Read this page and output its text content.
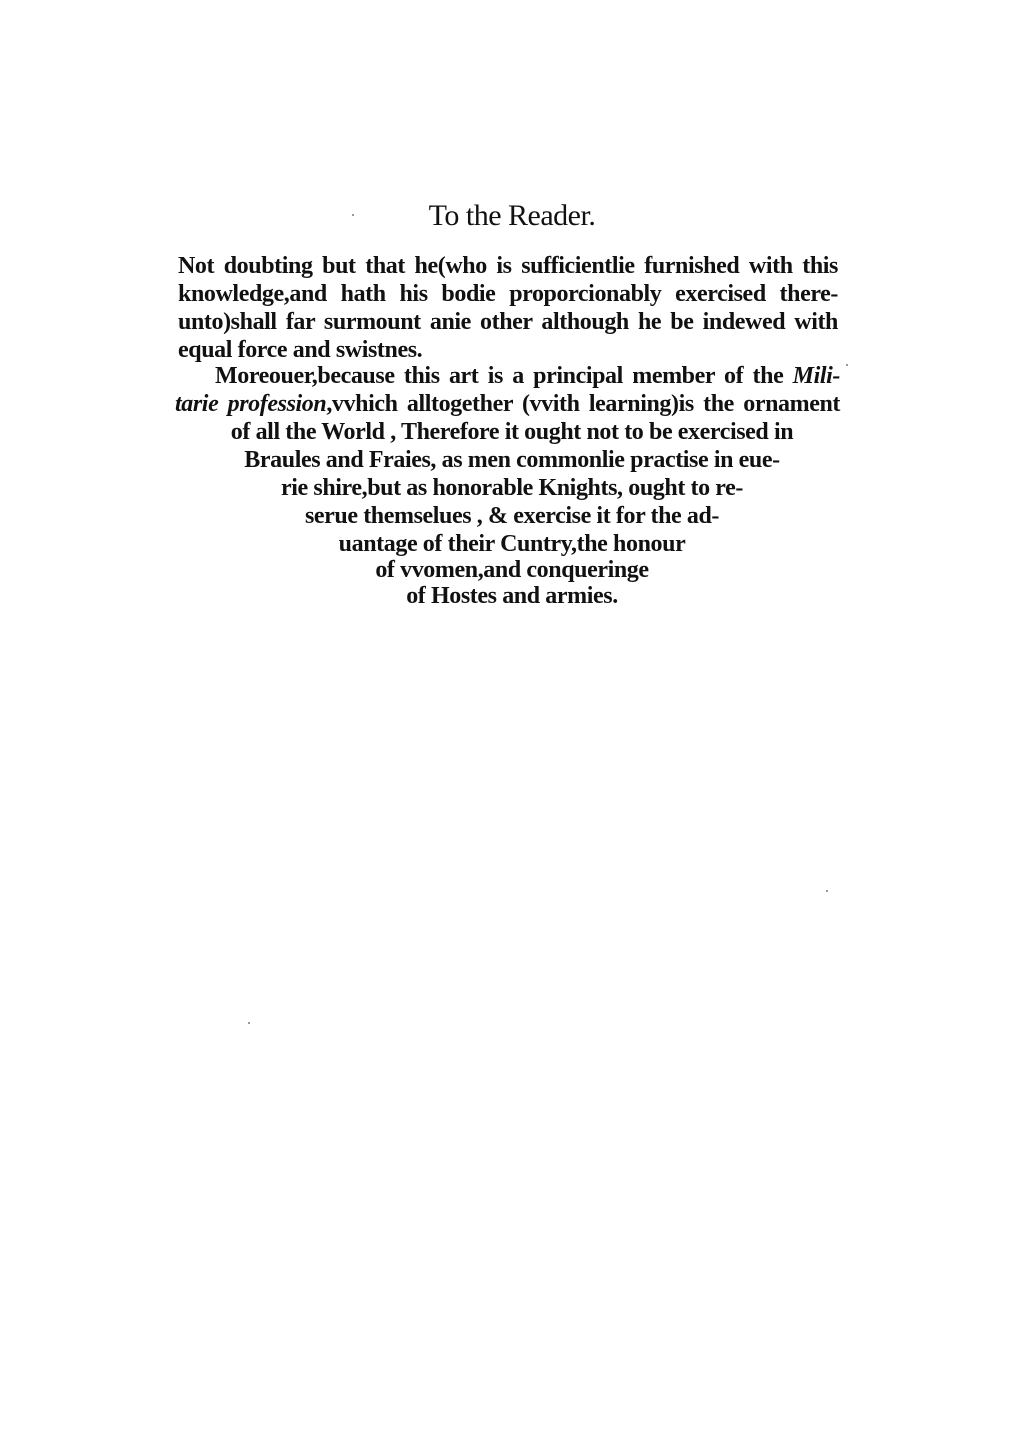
To the Reader.
Not doubting but that he(who is sufficientlie furnished with this
knowledge,and hath his bodie proporcionably exercised there-
unto)shall far surmount anie other although he be indewed with
equal force and swistnes.
Moreouer,because this art is a principal member of the Mili-
tarie profession,vvhich alltogether (vvith learning)is the ornament
of all the World , Therefore it ought not to be exercised in
Braules and Fraies, as men commonlie practise in eue-
rie shire,but as honorable Knights, ought to re-
serue themselues , & exercise it for the ad-
uantage of their Cuntry,the honour
of vvomen,and conqueringe
of Hostes and armies.
